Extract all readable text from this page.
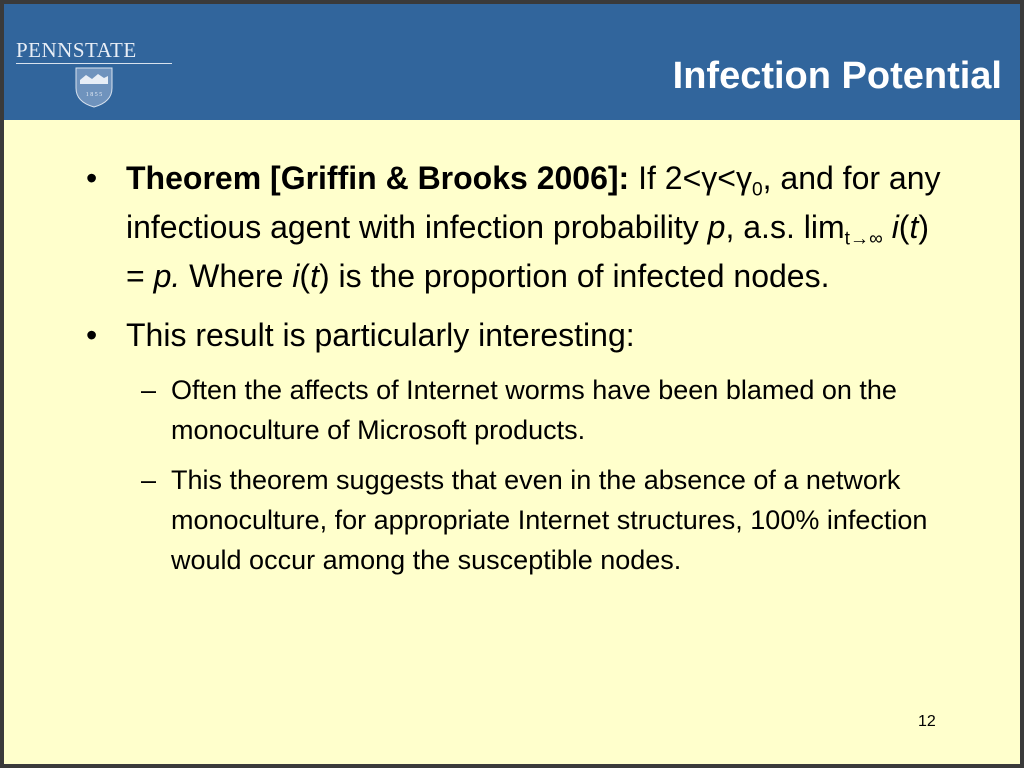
PENNSTATE
1 8 5 5	Infection Potential
• Theorem [Griffin & Brooks 2006]: If $2<\gamma<\gamma_0$, and for any infectious agent with infection probability p, a.s. $\lim_{t\to\infty} i(t) = p$. Where i(t) is the proportion of infected nodes.
• This result is particularly interesting:
– Often the affects of Internet worms have been blamed on the monoculture of Microsoft products.
– This theorem suggests that even in the absence of a network monoculture, for appropriate Internet structures, 100% infection would occur among the susceptible nodes.
12
